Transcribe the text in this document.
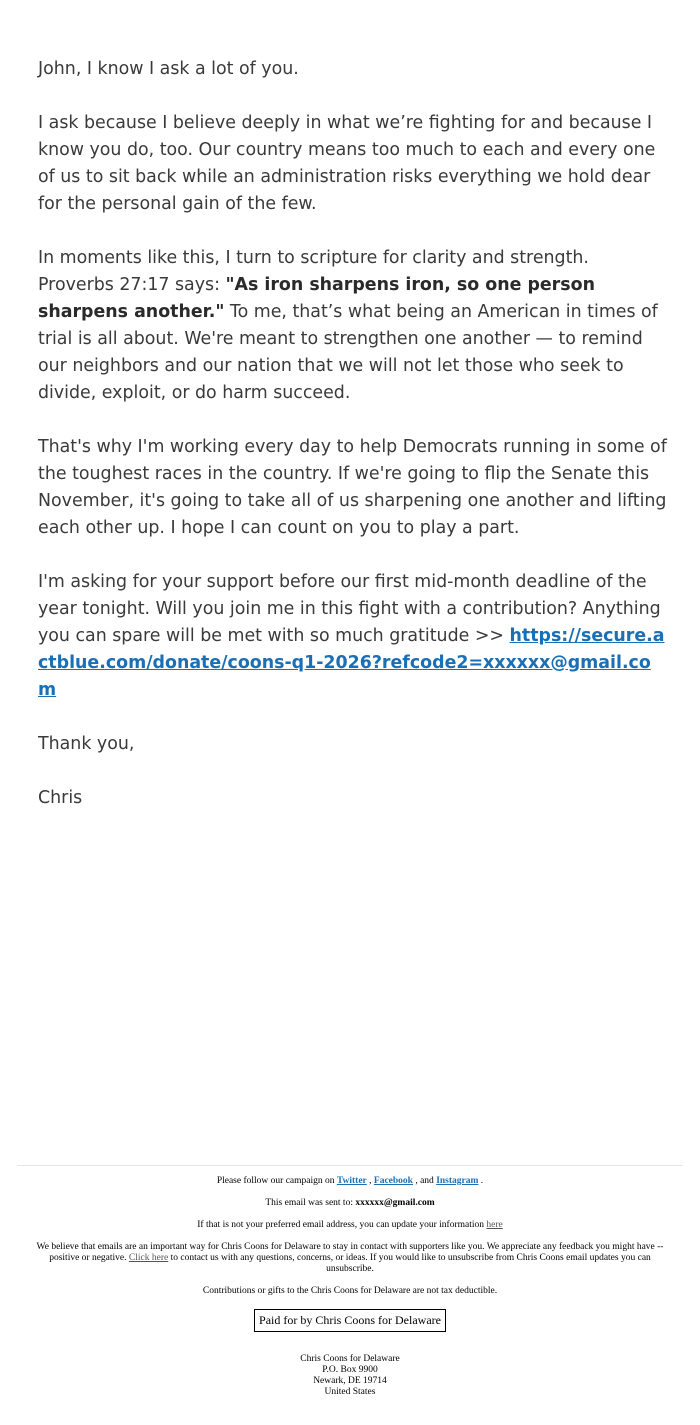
John, I know I ask a lot of you.

I ask because I believe deeply in what we’re fighting for and because I know you do, too. Our country means too much to each and every one of us to sit back while an administration risks everything we hold dear for the personal gain of the few.

In moments like this, I turn to scripture for clarity and strength. Proverbs 27:17 says: "As iron sharpens iron, so one person sharpens another." To me, that’s what being an American in times of trial is all about. We're meant to strengthen one another — to remind our neighbors and our nation that we will not let those who seek to divide, exploit, or do harm succeed.

That's why I'm working every day to help Democrats running in some of the toughest races in the country. If we're going to flip the Senate this November, it's going to take all of us sharpening one another and lifting each other up. I hope I can count on you to play a part.

I'm asking for your support before our first mid-month deadline of the year tonight. Will you join me in this fight with a contribution? Anything you can spare will be met with so much gratitude >> https://secure.actblue.com/donate/coons-q1-2026?refcode2=xxxxxx@gmail.com

Thank you,

Chris

Please follow our campaign on Twitter , Facebook , and Instagram .

This email was sent to: xxxxxx@gmail.com

If that is not your preferred email address, you can update your information here

We believe that emails are an important way for Chris Coons for Delaware to stay in contact with supporters like you. We appreciate any feedback you might have -- positive or negative. Click here to contact us with any questions, concerns, or ideas. If you would like to unsubscribe from Chris Coons email updates you can unsubscribe.

Contributions or gifts to the Chris Coons for Delaware are not tax deductible.

Paid for by Chris Coons for Delaware
Chris Coons for Delaware
P.O. Box 9900
Newark, DE 19714
United States
